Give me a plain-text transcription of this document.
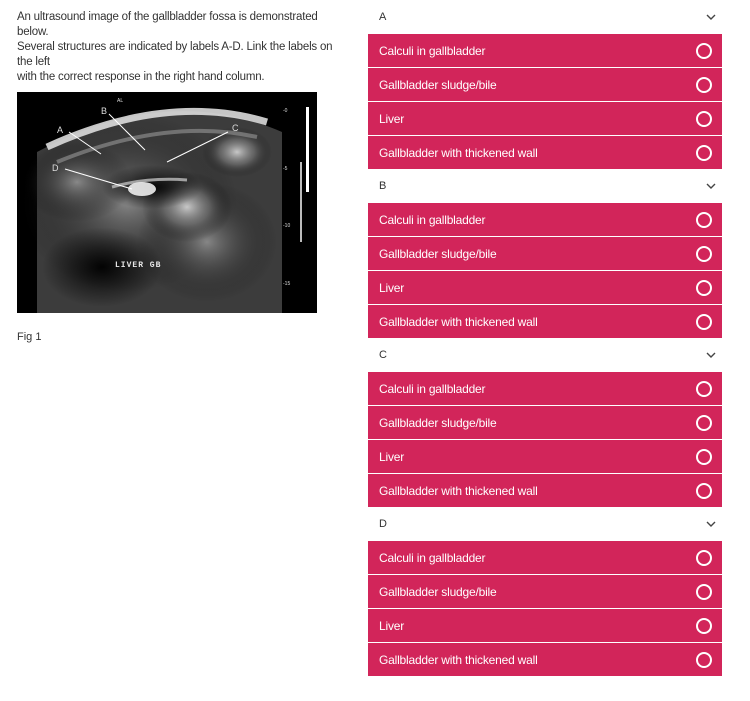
An ultrasound image of the gallbladder fossa is demonstrated below.
Several structures are indicated by labels A-D. Link the labels on the left
with the correct response in the right hand column.

A
B
C
D
AL
LIVER GB
-0
-5
-10
-15

Fig 1

A
Calculi in gallbladder
Gallbladder sludge/bile
Liver
Gallbladder with thickened wall
B
Calculi in gallbladder
Gallbladder sludge/bile
Liver
Gallbladder with thickened wall
C
Calculi in gallbladder
Gallbladder sludge/bile
Liver
Gallbladder with thickened wall
D
Calculi in gallbladder
Gallbladder sludge/bile
Liver
Gallbladder with thickened wall
